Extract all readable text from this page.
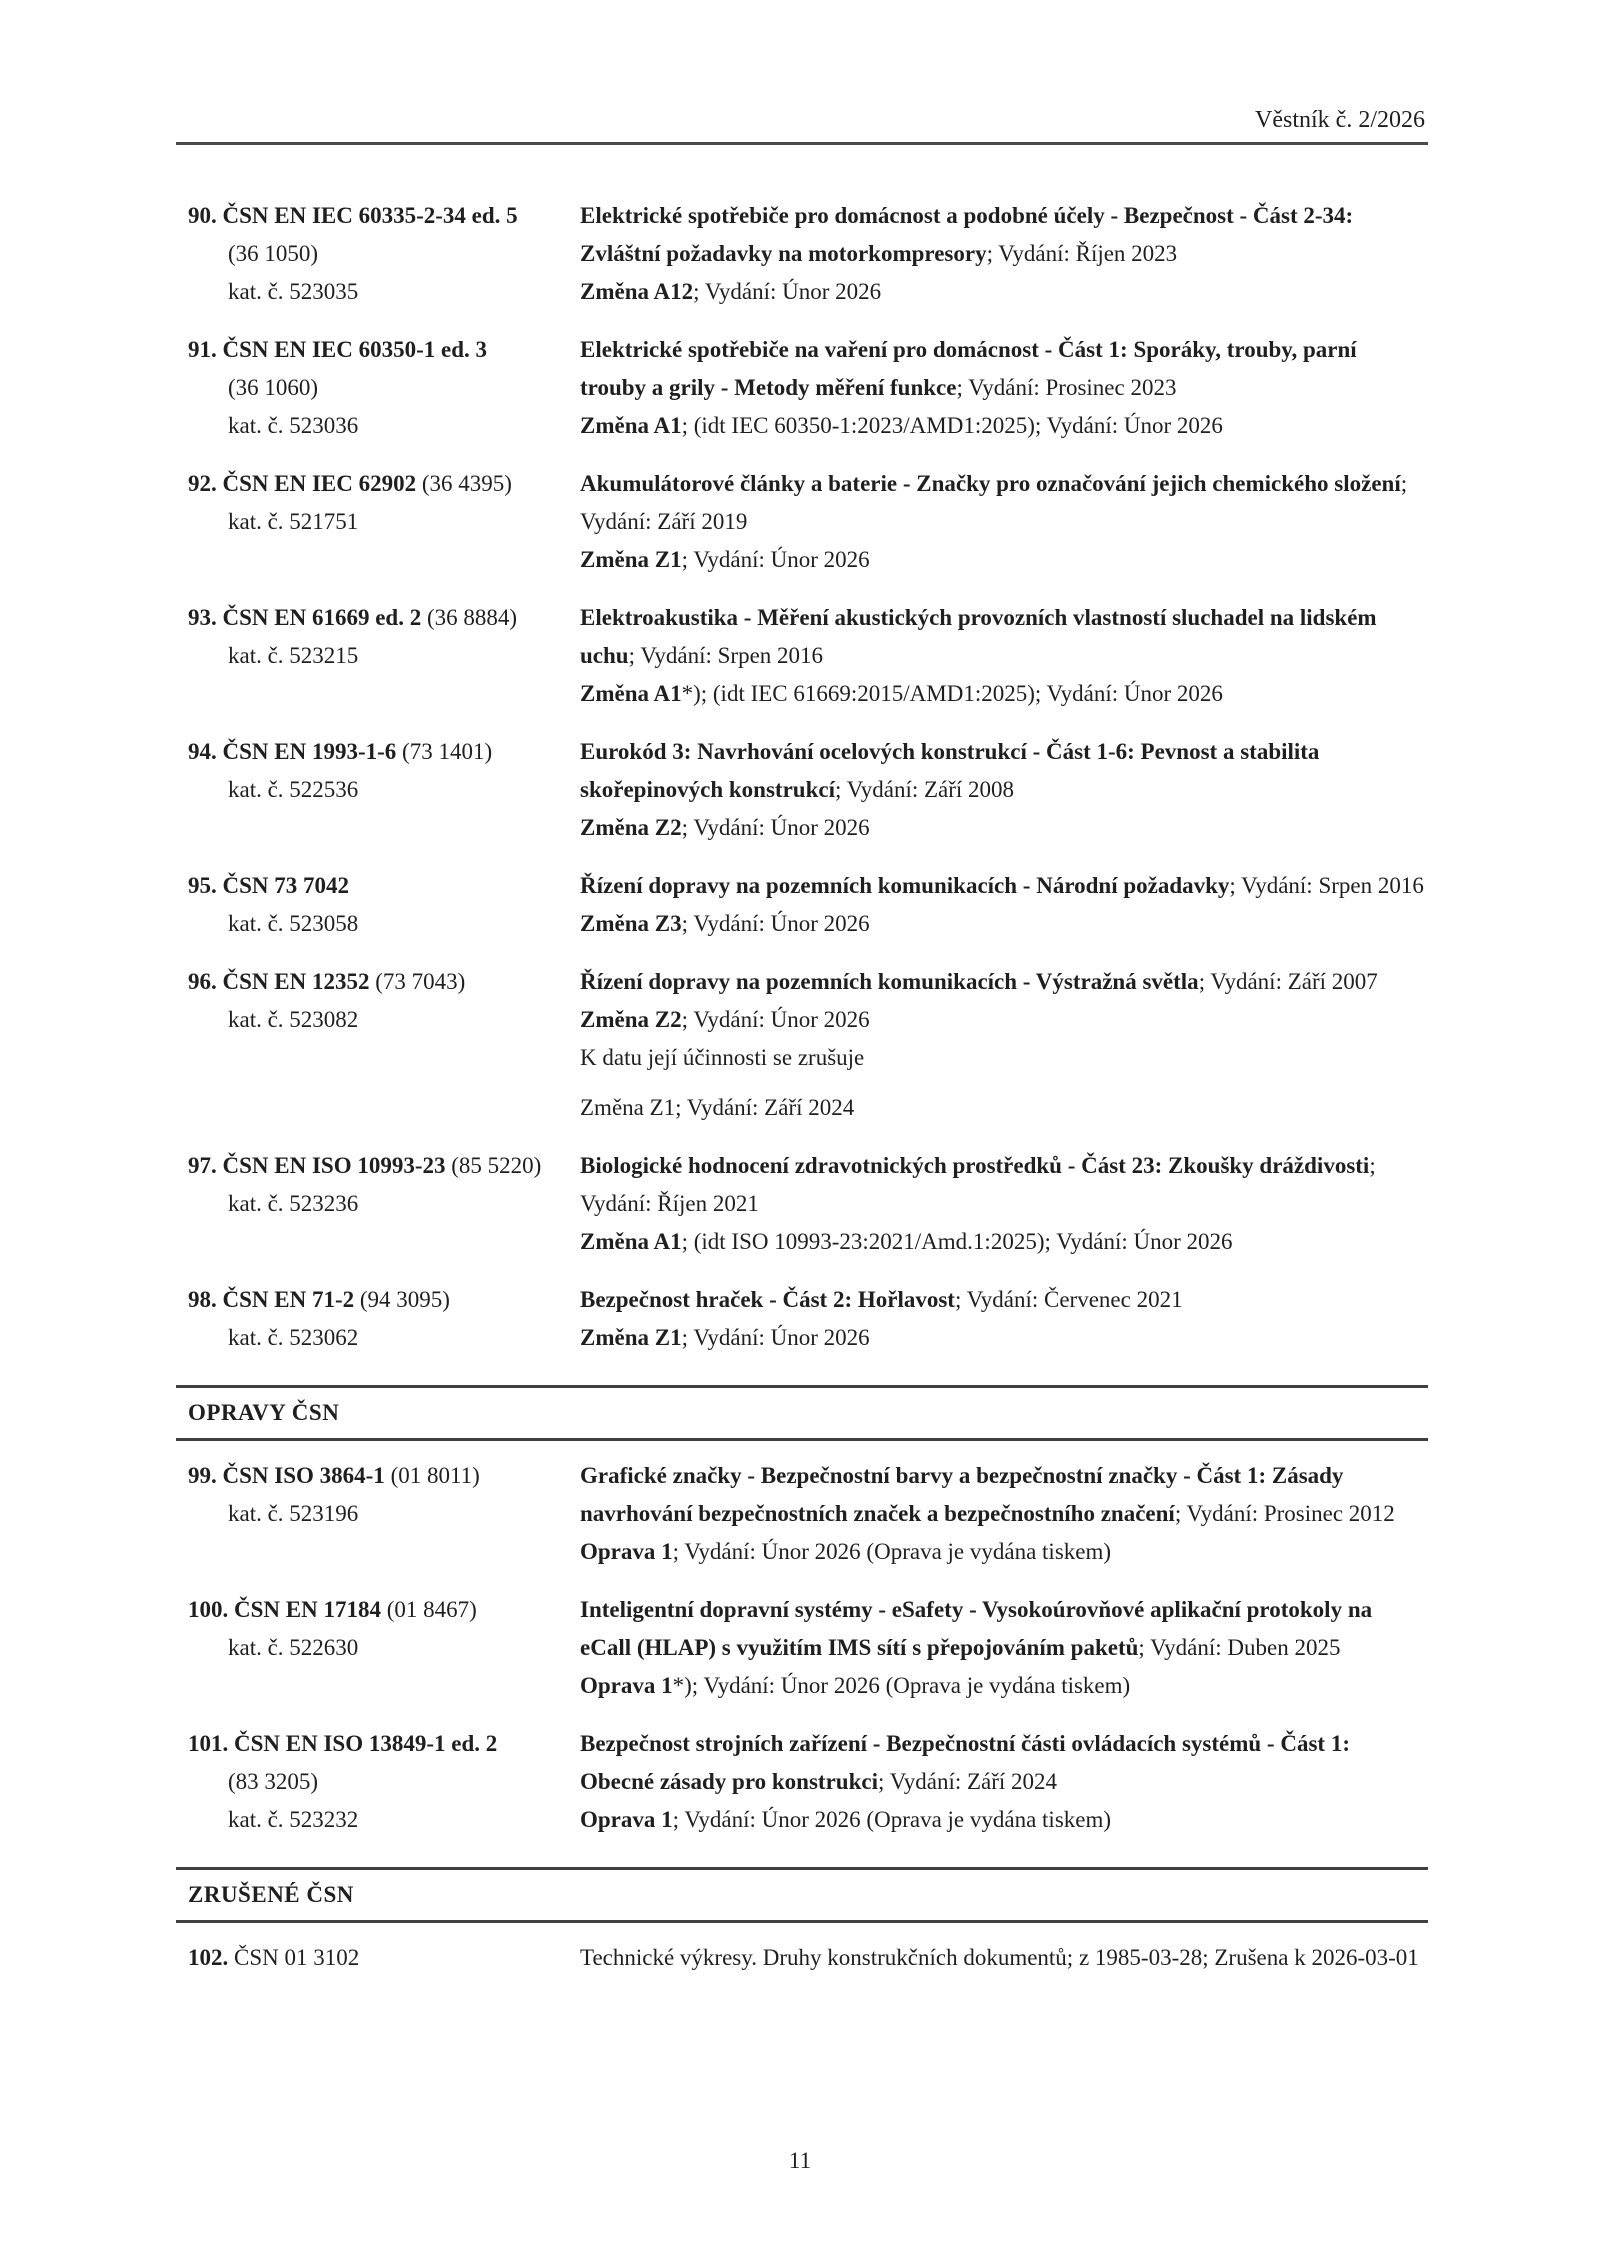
Věstník č. 2/2026
90. ČSN EN IEC 60335-2-34 ed. 5
(36 1050)
kat. č. 523035
Elektrické spotřebiče pro domácnost a podobné účely - Bezpečnost - Část 2-34: Zvláštní požadavky na motorkompresory; Vydání: Říjen 2023
Změna A12; Vydání: Únor 2026
91. ČSN EN IEC 60350-1 ed. 3
(36 1060)
kat. č. 523036
Elektrické spotřebiče na vaření pro domácnost - Část 1: Sporáky, trouby, parní trouby a grily - Metody měření funkce; Vydání: Prosinec 2023
Změna A1; (idt IEC 60350-1:2023/AMD1:2025); Vydání: Únor 2026
92. ČSN EN IEC 62902 (36 4395)
kat. č. 521751
Akumulátorové články a baterie - Značky pro označování jejich chemického složení; Vydání: Září 2019
Změna Z1; Vydání: Únor 2026
93. ČSN EN 61669 ed. 2 (36 8884)
kat. č. 523215
Elektroakustika - Měření akustických provozních vlastností sluchadel na lidském uchu; Vydání: Srpen 2016
Změna A1*); (idt IEC 61669:2015/AMD1:2025); Vydání: Únor 2026
94. ČSN EN 1993-1-6 (73 1401)
kat. č. 522536
Eurokód 3: Navrhování ocelových konstrukcí - Část 1-6: Pevnost a stabilita skořepinových konstrukcí; Vydání: Září 2008
Změna Z2; Vydání: Únor 2026
95. ČSN 73 7042
kat. č. 523058
Řízení dopravy na pozemních komunikacích - Národní požadavky; Vydání: Srpen 2016
Změna Z3; Vydání: Únor 2026
96. ČSN EN 12352 (73 7043)
kat. č. 523082
Řízení dopravy na pozemních komunikacích - Výstražná světla; Vydání: Září 2007
Změna Z2; Vydání: Únor 2026
K datu její účinnosti se zrušuje
Změna Z1; Vydání: Září 2024
97. ČSN EN ISO 10993-23 (85 5220)
kat. č. 523236
Biologické hodnocení zdravotnických prostředků - Část 23: Zkoušky dráždivosti; Vydání: Říjen 2021
Změna A1; (idt ISO 10993-23:2021/Amd.1:2025); Vydání: Únor 2026
98. ČSN EN 71-2 (94 3095)
kat. č. 523062
Bezpečnost hraček - Část 2: Hořlavost; Vydání: Červenec 2021
Změna Z1; Vydání: Únor 2026
OPRAVY ČSN
99. ČSN ISO 3864-1 (01 8011)
kat. č. 523196
Grafické značky - Bezpečnostní barvy a bezpečnostní značky - Část 1: Zásady navrhování bezpečnostních značek a bezpečnostního značení; Vydání: Prosinec 2012
Oprava 1; Vydání: Únor 2026 (Oprava je vydána tiskem)
100. ČSN EN 17184 (01 8467)
kat. č. 522630
Inteligentní dopravní systémy - eSafety - Vysokoúrovňové aplikační protokoly na eCall (HLAP) s využitím IMS sítí s přepojováním paketů; Vydání: Duben 2025
Oprava 1*); Vydání: Únor 2026 (Oprava je vydána tiskem)
101. ČSN EN ISO 13849-1 ed. 2
(83 3205)
kat. č. 523232
Bezpečnost strojních zařízení - Bezpečnostní části ovládacích systémů - Část 1: Obecné zásady pro konstrukci; Vydání: Září 2024
Oprava 1; Vydání: Únor 2026 (Oprava je vydána tiskem)
ZRUŠENÉ ČSN
102. ČSN 01 3102	Technické výkresy. Druhy konstrukčních dokumentů; z 1985-03-28; Zrušena k 2026-03-01
11
